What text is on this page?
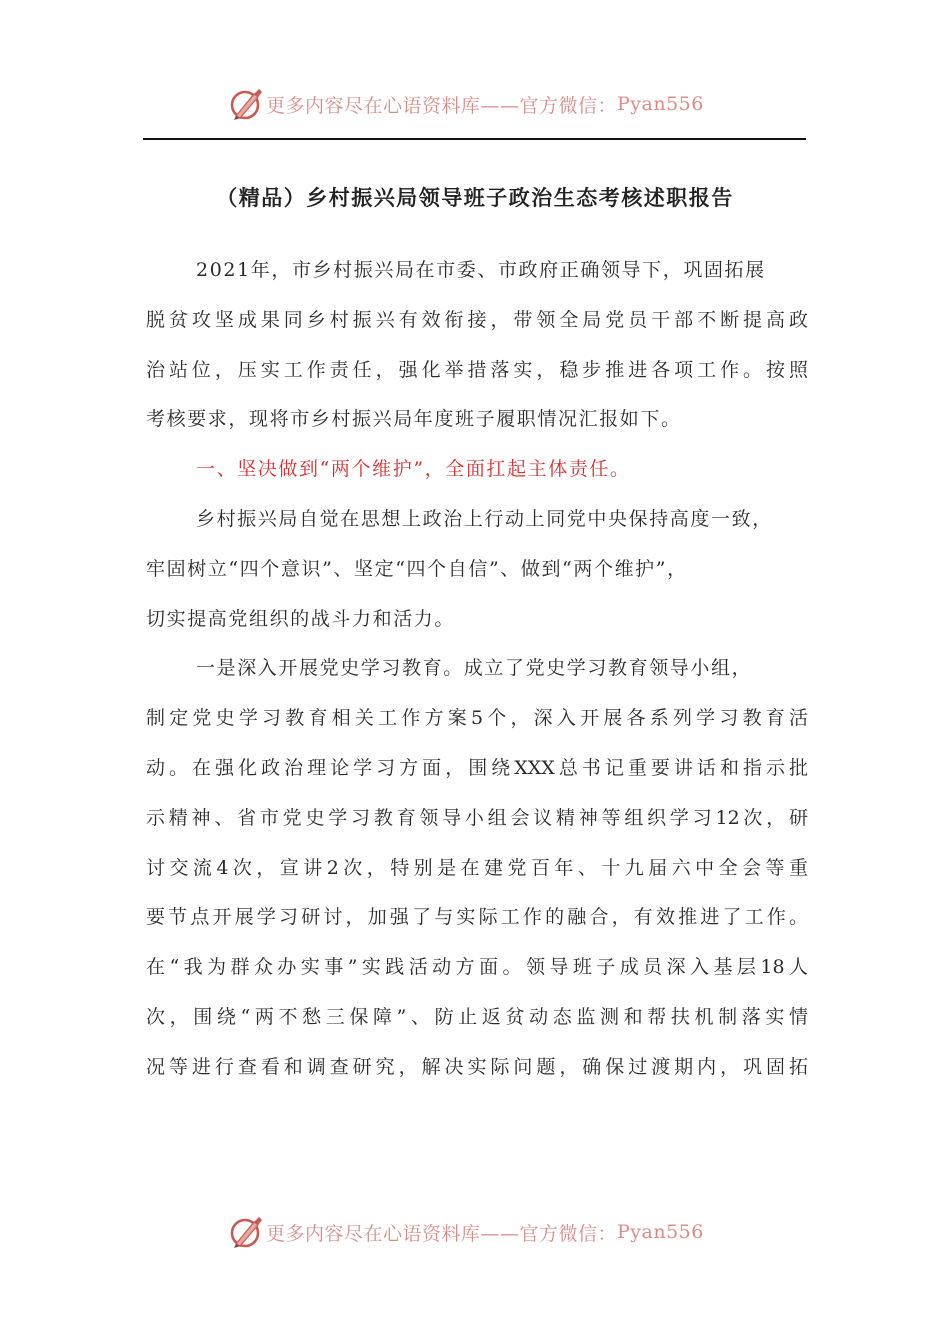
更多内容尽在心语资料库——官方微信： Pyan556
（精品）乡村振兴局领导班子政治生态考核述职报告
2021年，市乡村振兴局在市委、市政府正确领导下，巩固拓展
脱贫攻坚成果同乡村振兴有效衔接，带领全局党员干部不断提高政
治站位，压实工作责任，强化举措落实，稳步推进各项工作。按照
考核要求，现将市乡村振兴局年度班子履职情况汇报如下。
一、坚决做到“两个维护”，全面扛起主体责任。
乡村振兴局自觉在思想上政治上行动上同党中央保持高度一致，
牢固树立“四个意识”、坚定“四个自信”、做到“两个维护”，
切实提高党组织的战斗力和活力。
一是深入开展党史学习教育。成立了党史学习教育领导小组，
制定党史学习教育相关工作方案5个，深入开展各系列学习教育活
动。在强化政治理论学习方面，围绕XXX总书记重要讲话和指示批
示精神、省市党史学习教育领导小组会议精神等组织学习12次，研
讨交流4次，宣讲2次，特别是在建党百年、十九届六中全会等重
要节点开展学习研讨，加强了与实际工作的融合，有效推进了工作。
在“我为群众办实事”实践活动方面。领导班子成员深入基层18人
次，围绕“两不愁三保障”、防止返贫动态监测和帮扶机制落实情
况等进行查看和调查研究，解决实际问题，确保过渡期内，巩固拓
更多内容尽在心语资料库——官方微信： Pyan556
